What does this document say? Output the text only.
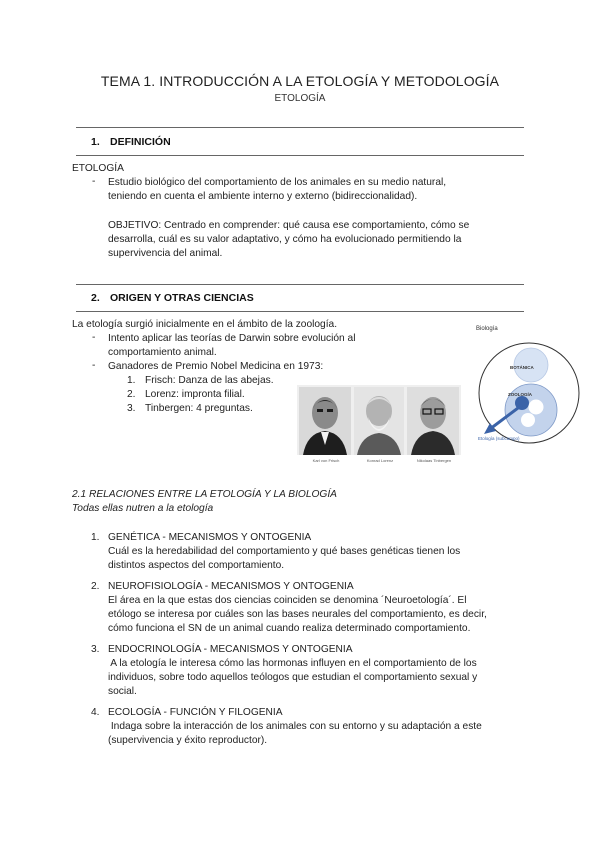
TEMA 1. INTRODUCCIÓN A LA ETOLOGÍA Y METODOLOGÍA
ETOLOGÍA
1. DEFINICIÓN
ETOLOGÍA
- Estudio biológico del comportamiento de los animales en su medio natural,
teniendo en cuenta el ambiente interno y externo (bidireccionalidad).
OBJETIVO: Centrado en comprender: qué causa ese comportamiento, cómo se
desarrolla, cuál es su valor adaptativo, y cómo ha evolucionado permitiendo la
supervivencia del animal.
2. ORIGEN Y OTRAS CIENCIAS
La etología surgió inicialmente en el ámbito de la zoología.
- Intento aplicar las teorías de Darwin sobre evolución al
comportamiento animal.
- Ganadores de Premio Nobel Medicina en 1973:
1. Frisch: Danza de las abejas.
2. Lorenz: impronta filial.
3. Tinbergen: 4 preguntas.
Karl von Frisch	Konrad Lorenz	Nikolaas Tinbergen
Biología
BOTÁNICA
ZOOLOGÍA
Etología (subcampo)
2.1 RELACIONES ENTRE LA ETOLOGÍA Y LA BIOLOGÍA
Todas ellas nutren a la etología
1. GENÉTICA - MECANISMOS Y ONTOGENIA
Cuál es la heredabilidad del comportamiento y qué bases genéticas tienen los
distintos aspectos del comportamiento.
2. NEUROFISIOLOGÍA - MECANISMOS Y ONTOGENIA
El área en la que estas dos ciencias coinciden se denomina ´Neuroetología´. El
etólogo se interesa por cuáles son las bases neurales del comportamiento, es decir,
cómo funciona el SN de un animal cuando realiza determinado comportamiento.
3. ENDOCRINOLOGÍA - MECANISMOS Y ONTOGENIA
A la etología le interesa cómo las hormonas influyen en el comportamiento de los
individuos, sobre todo aquellos teólogos que estudian el comportamiento sexual y
social.
4. ECOLOGÍA - FUNCIÓN Y FILOGENIA
Indaga sobre la interacción de los animales con su entorno y su adaptación a este
(supervivencia y éxito reproductor).
